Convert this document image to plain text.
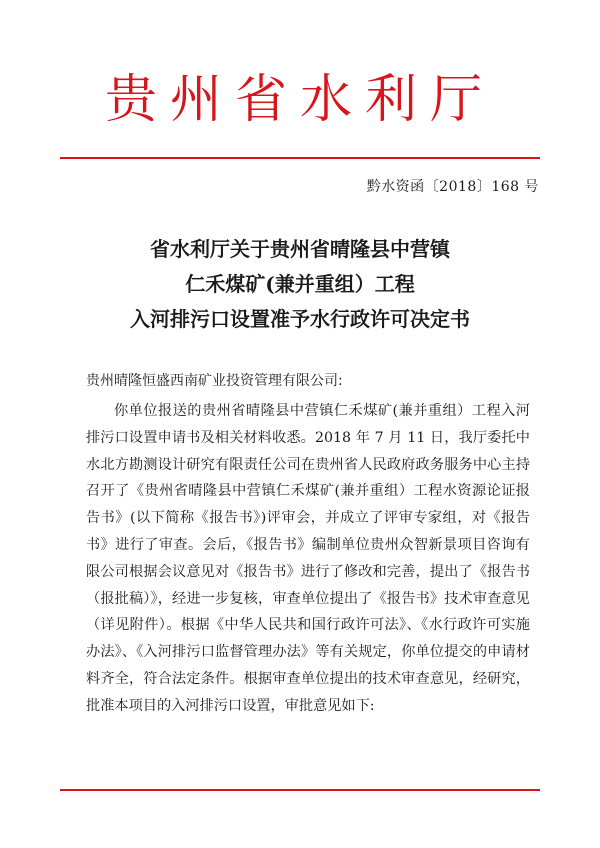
贵州省水利厅
黔水资函〔2018〕168 号
省水利厅关于贵州省晴隆县中营镇
仁禾煤矿(兼并重组）工程
入河排污口设置准予水行政许可决定书
贵州晴隆恒盛西南矿业投资管理有限公司:

你单位报送的贵州省晴隆县中营镇仁禾煤矿(兼并重组）工程入河排污口设置申请书及相关材料收悉。2018 年 7 月 11 日，我厅委托中水北方勘测设计研究有限责任公司在贵州省人民政府政务服务中心主持召开了《贵州省晴隆县中营镇仁禾煤矿(兼并重组）工程水资源论证报告书》(以下简称《报告书》)评审会，并成立了评审专家组，对《报告书》进行了审查。会后，《报告书》编制单位贵州众智新景项目咨询有限公司根据会议意见对《报告书》进行了修改和完善，提出了《报告书（报批稿）》，经进一步复核，审查单位提出了《报告书》技术审查意见（详见附件）。根据《中华人民共和国行政许可法》、《水行政许可实施办法》、《入河排污口监督管理办法》等有关规定，你单位提交的申请材料齐全，符合法定条件。根据审查单位提出的技术审查意见，经研究，批准本项目的入河排污口设置，审批意见如下:
